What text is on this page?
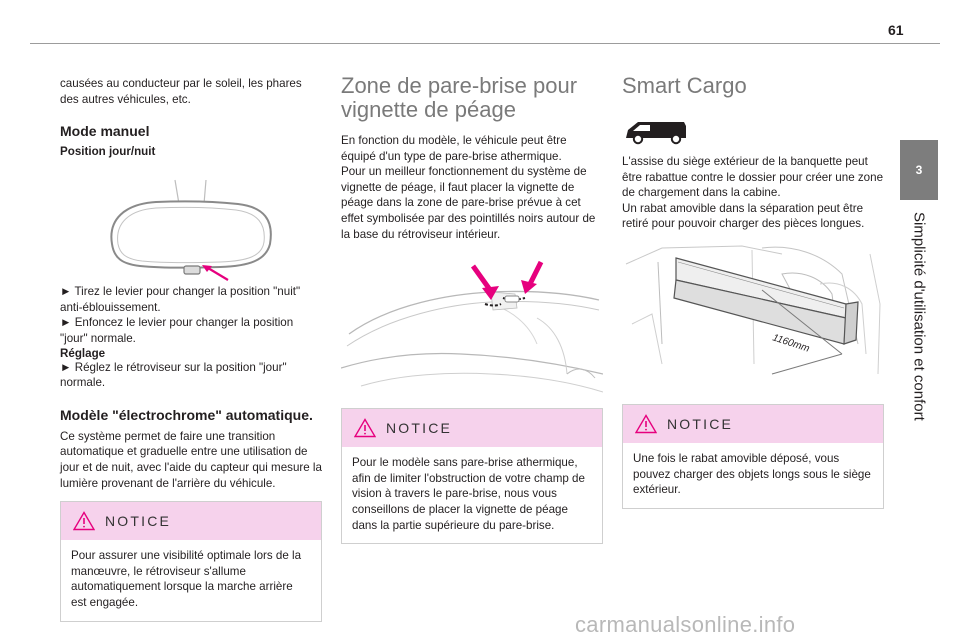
61
3
Simplicité d'utilisation et confort

causées au conducteur par le soleil, les phares des autres véhicules, etc.

Mode manuel
Position jour/nuit

► Tirez le levier pour changer la position "nuit" anti-éblouissement.

► Enfoncez le levier pour changer la position "jour" normale.

Réglage

► Réglez le rétroviseur sur la position "jour" normale.

Modèle "électrochrome" automatique.

Ce système permet de faire une transition automatique et graduelle entre une utilisation de jour et de nuit, avec l'aide du capteur qui mesure la lumière provenant de l'arrière du véhicule.

NOTICE
Pour assurer une visibilité optimale lors de la manœuvre, le rétroviseur s'allume automatiquement lorsque la marche arrière est engagée.
Zone de pare-brise pour vignette de péage

En fonction du modèle, le véhicule peut être équipé d'un type de pare-brise athermique.

Pour un meilleur fonctionnement du système de vignette de péage, il faut placer la vignette de péage dans la zone de pare-brise prévue à cet effet symbolisée par des pointillés noirs autour de la base du rétroviseur intérieur.

NOTICE
Pour le modèle sans pare-brise athermique, afin de limiter l'obstruction de votre champ de vision à travers le pare-brise, nous vous conseillons de placer la vignette de péage dans la partie supérieure du pare-brise.
Smart Cargo

L'assise du siège extérieur de la banquette peut être rabattue contre le dossier pour créer une zone de chargement dans la cabine.

Un rabat amovible dans la séparation peut être retiré pour pouvoir charger des pièces longues.

1160mm
NOTICE
Une fois le rabat amovible déposé, vous pouvez charger des objets longs sous le siège extérieur.
carmanualsonline.info
